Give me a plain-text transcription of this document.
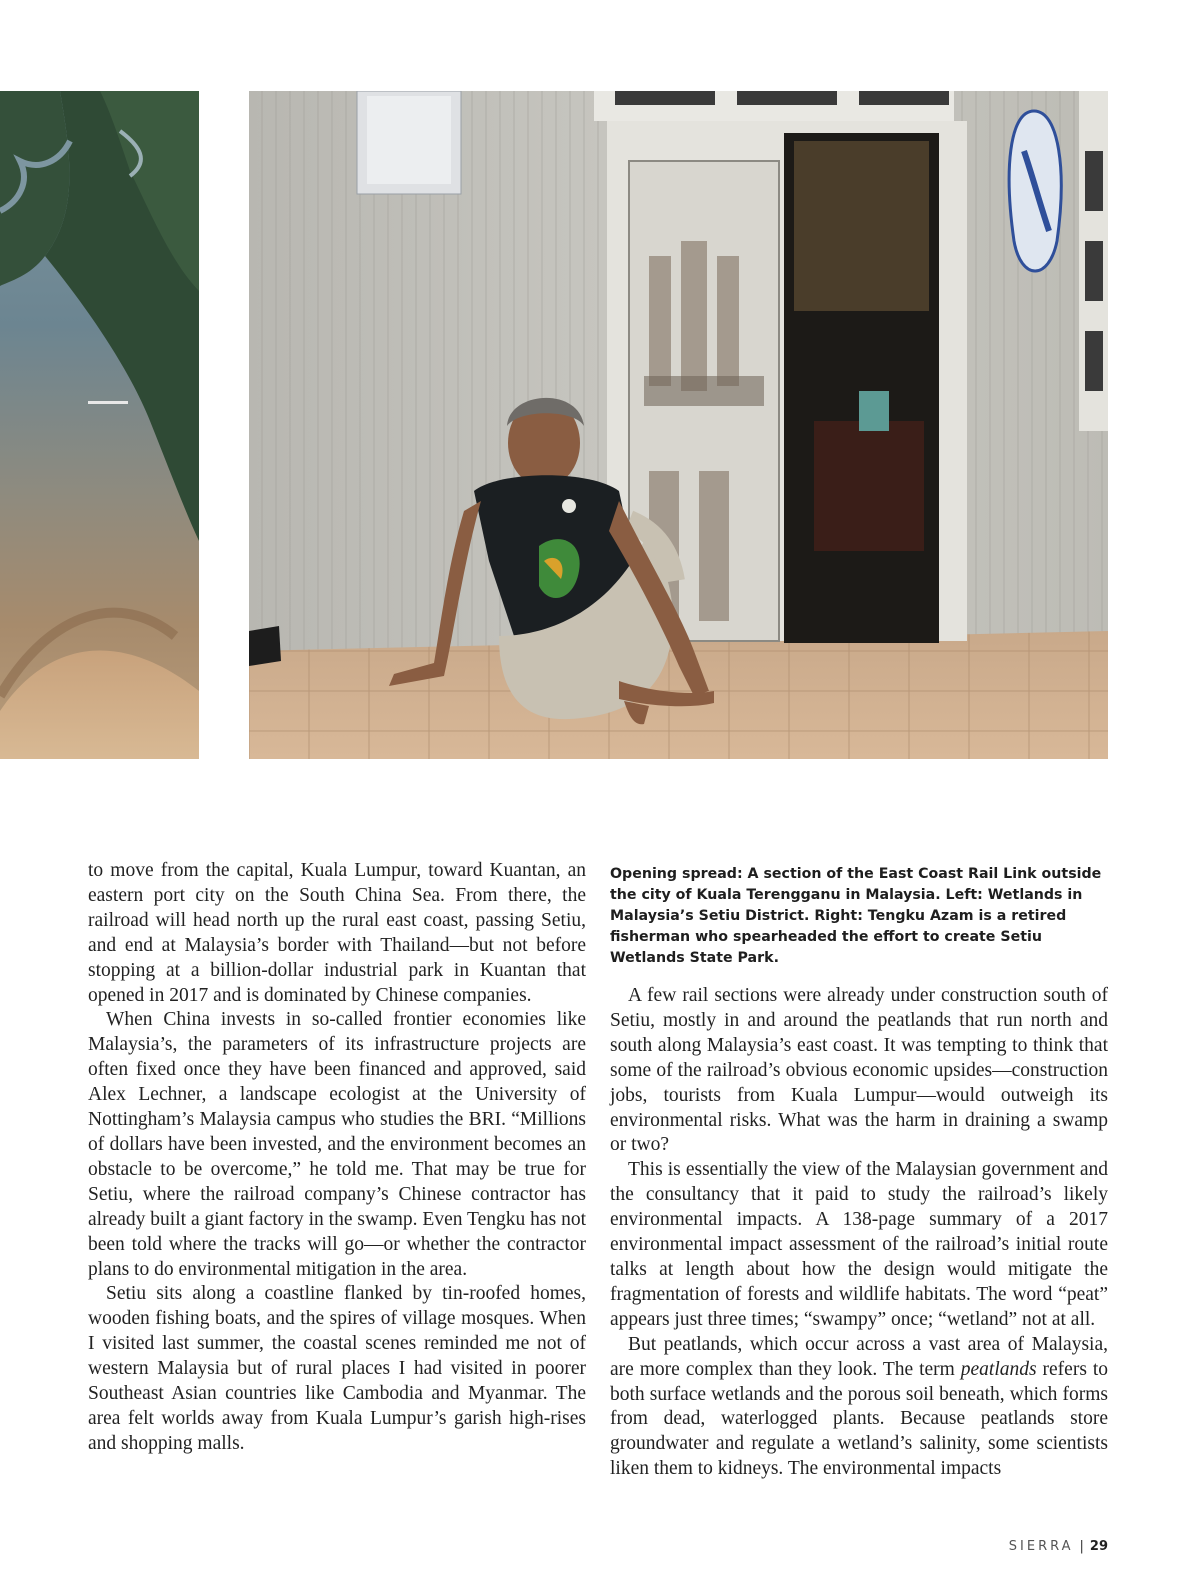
Opening spread: A section of the East Coast Rail Link outside the city of Kuala Terengganu in Malaysia. Left: Wetlands in Malaysia’s Setiu District. Right: Tengku Azam is a retired fisherman who spearheaded the effort to create Setiu Wetlands State Park.

to move from the capital, Kuala Lumpur, toward Kuantan, an eastern port city on the South China Sea. From there, the railroad will head north up the rural east coast, passing Setiu, and end at Malaysia’s border with Thailand—but not before stopping at a billion-dollar industrial park in Kuantan that opened in 2017 and is dominated by Chinese companies.

When China invests in so-called frontier economies like Malaysia’s, the parameters of its infrastructure projects are often fixed once they have been financed and approved, said Alex Lechner, a landscape ecologist at the University of Nottingham’s Malaysia campus who studies the BRI. “Millions of dollars have been invested, and the environment becomes an obstacle to be overcome,” he told me. That may be true for Setiu, where the railroad company’s Chinese contractor has already built a giant factory in the swamp. Even Tengku has not been told where the tracks will go—or whether the contractor plans to do environmental mitigation in the area.

Setiu sits along a coastline flanked by tin-roofed homes, wooden fishing boats, and the spires of village mosques. When I visited last summer, the coastal scenes reminded me not of western Malaysia but of rural places I had visited in poorer Southeast Asian countries like Cambodia and Myanmar. The area felt worlds away from Kuala Lumpur’s garish high-rises and shopping malls.

A few rail sections were already under construction south of Setiu, mostly in and around the peatlands that run north and south along Malaysia’s east coast. It was tempting to think that some of the railroad’s obvious economic upsides—construction jobs, tourists from Kuala Lumpur—would outweigh its environmental risks. What was the harm in draining a swamp or two?

This is essentially the view of the Malaysian government and the consultancy that it paid to study the railroad’s likely environmental impacts. A 138-page summary of a 2017 environmental impact assessment of the railroad’s initial route talks at length about how the design would mitigate the fragmentation of forests and wildlife habitats. The word “peat” appears just three times; “swampy” once; “wetland” not at all.

But peatlands, which occur across a vast area of Malaysia, are more complex than they look. The term peatlands refers to both surface wetlands and the porous soil beneath, which forms from dead, waterlogged plants. Because peatlands store groundwater and regulate a wetland’s salinity, some scientists liken them to kidneys. The environmental impacts

SIERRA | 29
